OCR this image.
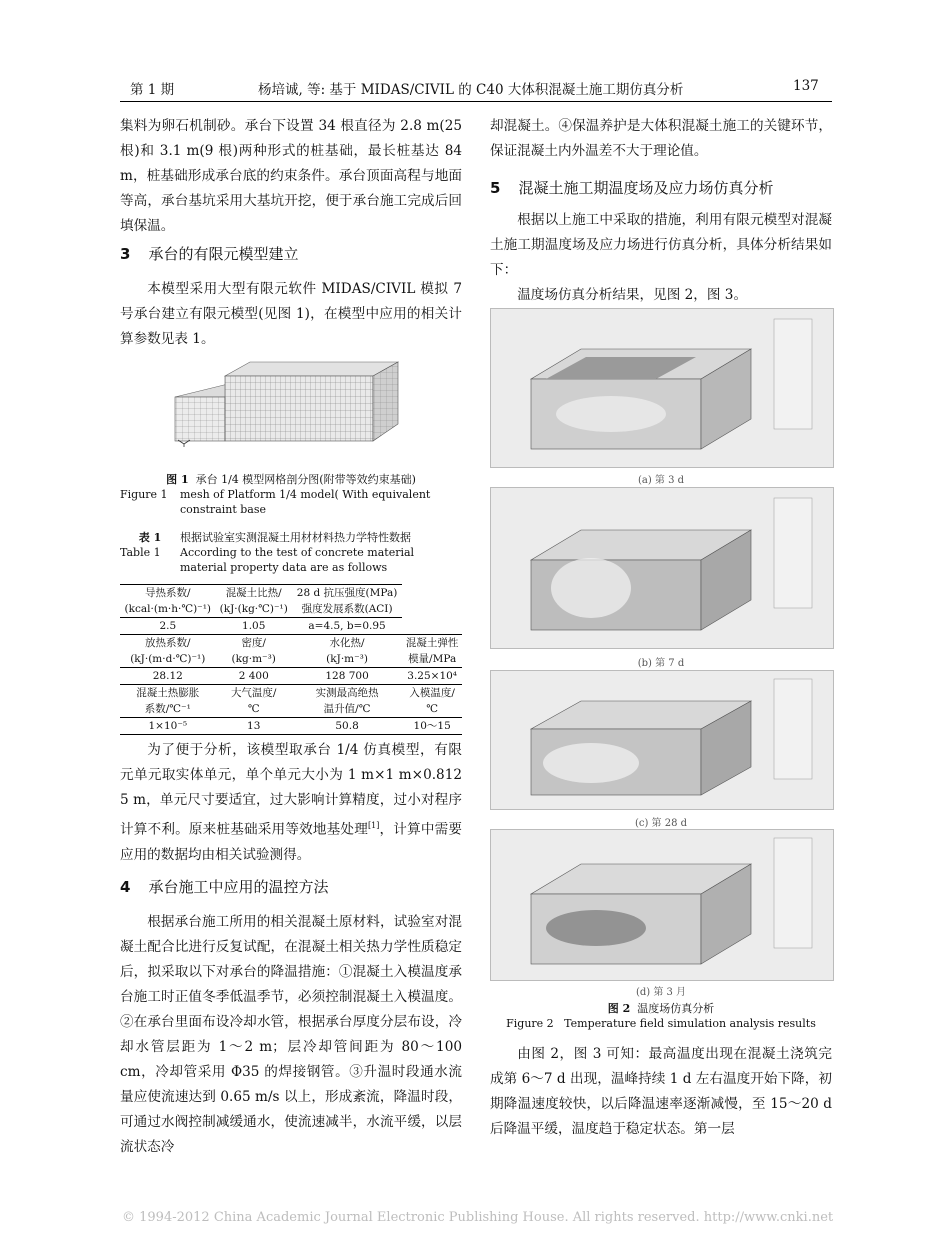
第 1 期	杨培诚, 等: 基于 MIDAS/CIVIL 的 C40 大体积混凝土施工期仿真分析	137

集料为卵石机制砂。承台下设置 34 根直径为 2.8 m(25 根)和 3.1 m(9 根)两种形式的桩基础，最长桩基达 84 m，桩基础形成承台底的约束条件。承台顶面高程与地面等高，承台基坑采用大基坑开挖，便于承台施工完成后回填保温。

3 承台的有限元模型建立

本模型采用大型有限元软件 MIDAS/CIVIL 模拟 7 号承台建立有限元模型(见图 1)，在模型中应用的相关计算参数见表 1。

图 1 承台 1/4 模型网格剖分图(附带等效约束基础)
Figure 1	mesh of Platform 1/4 model( With equivalent constraint base
表 1	根据试验室实测混凝土用材材料热力学特性数据
Table 1	According to the test of concrete material material property data are as follows
导热系数/	混凝土比热/	28 d 抗压强度(MPa)	
(kcal·(m·h·℃)⁻¹)	(kJ·(kg·℃)⁻¹)	强度发展系数(ACI)	
2.5	1.05	a=4.5, b=0.95	
放热系数/	密度/	水化热/	混凝土弹性
(kJ·(m·d·℃)⁻¹)	(kg·m⁻³)	(kJ·m⁻³)	模量/MPa
28.12	2 400	128 700	3.25×10⁴
混凝土热膨胀	大气温度/	实测最高绝热	入模温度/
系数/℃⁻¹	℃	温升值/℃	℃
1×10⁻⁵	13	50.8	10～15

为了便于分析，该模型取承台 1/4 仿真模型，有限元单元取实体单元，单个单元大小为 1 m×1 m×0.812 5 m，单元尺寸要适宜，过大影响计算精度，过小对程序计算不利。原来桩基础采用等效地基处理[1]，计算中需要应用的数据均由相关试验测得。

4 承台施工中应用的温控方法

根据承台施工所用的相关混凝土原材料，试验室对混凝土配合比进行反复试配，在混凝土相关热力学性质稳定后，拟采取以下对承台的降温措施：①混凝土入模温度承台施工时正值冬季低温季节，必须控制混凝土入模温度。②在承台里面布设冷却水管，根据承台厚度分层布设，冷却水管层距为 1～2 m；层冷却管间距为 80～100 cm，冷却管采用 Φ35 的焊接钢管。③升温时段通水流量应使流速达到 0.65 m/s 以上，形成紊流，降温时段，可通过水阀控制减缓通水，使流速减半，水流平缓，以层流状态冷

却混凝土。④保温养护是大体积混凝土施工的关键环节，保证混凝土内外温差不大于理论值。

5 混凝土施工期温度场及应力场仿真分析

根据以上施工中采取的措施，利用有限元模型对混凝土施工期温度场及应力场进行仿真分析，具体分析结果如下：

温度场仿真分析结果，见图 2，图 3。

(a) 第 3 d
(b) 第 7 d
(c) 第 28 d
(d) 第 3 月
图 2 温度场仿真分析
Figure 2 Temperature field simulation analysis results

由图 2，图 3 可知：最高温度出现在混凝土浇筑完成第 6～7 d 出现，温峰持续 1 d 左右温度开始下降，初期降温速度较快，以后降温速率逐渐减慢，至 15～20 d 后降温平缓，温度趋于稳定状态。第一层

© 1994-2012 China Academic Journal Electronic Publishing House. All rights reserved. http://www.cnki.net
